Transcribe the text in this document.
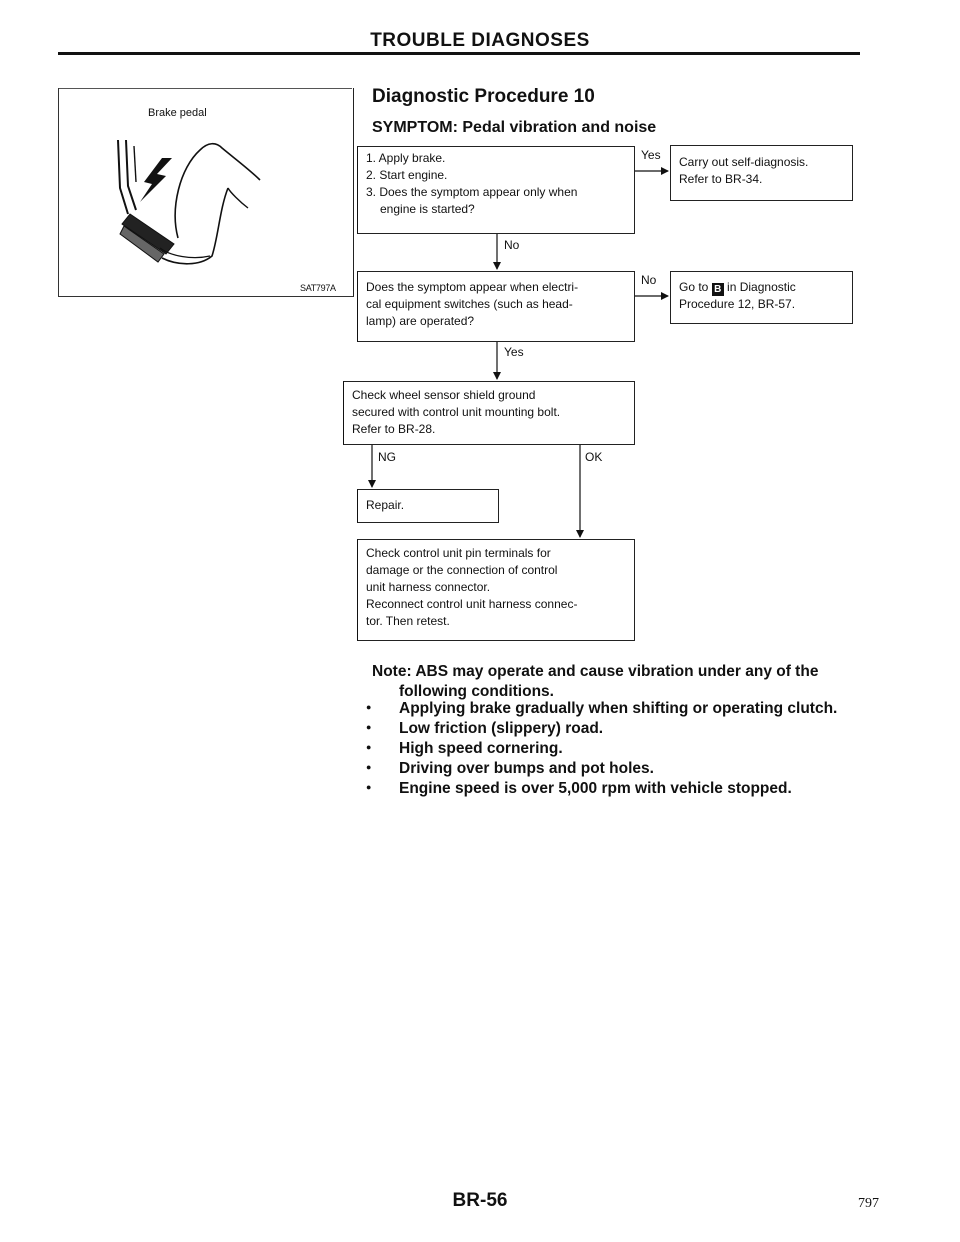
TROUBLE DIAGNOSES
Brake pedal
SAT797A
Diagnostic Procedure 10
SYMPTOM: Pedal vibration and noise
1. Apply brake.
2. Start engine.
3. Does the symptom appear only when
engine is started?
Yes Carry out self-diagnosis.
Refer to BR-34.
No
Does the symptom appear when electri-
cal equipment switches (such as head-
lamp) are operated?
No Go to B in Diagnostic
Procedure 12, BR-57.
Yes
Check wheel sensor shield ground
secured with control unit mounting bolt.
Refer to BR-28.
NG	OK
Repair.
Check control unit pin terminals for
damage or the connection of control
unit harness connector.
Reconnect control unit harness connec-
tor. Then retest.
Note: ABS may operate and cause vibration under any of the
following conditions.
● Applying brake gradually when shifting or operating clutch.
● Low friction (slippery) road.
● High speed cornering.
● Driving over bumps and pot holes.
● Engine speed is over 5,000 rpm with vehicle stopped.
BR-56	797
